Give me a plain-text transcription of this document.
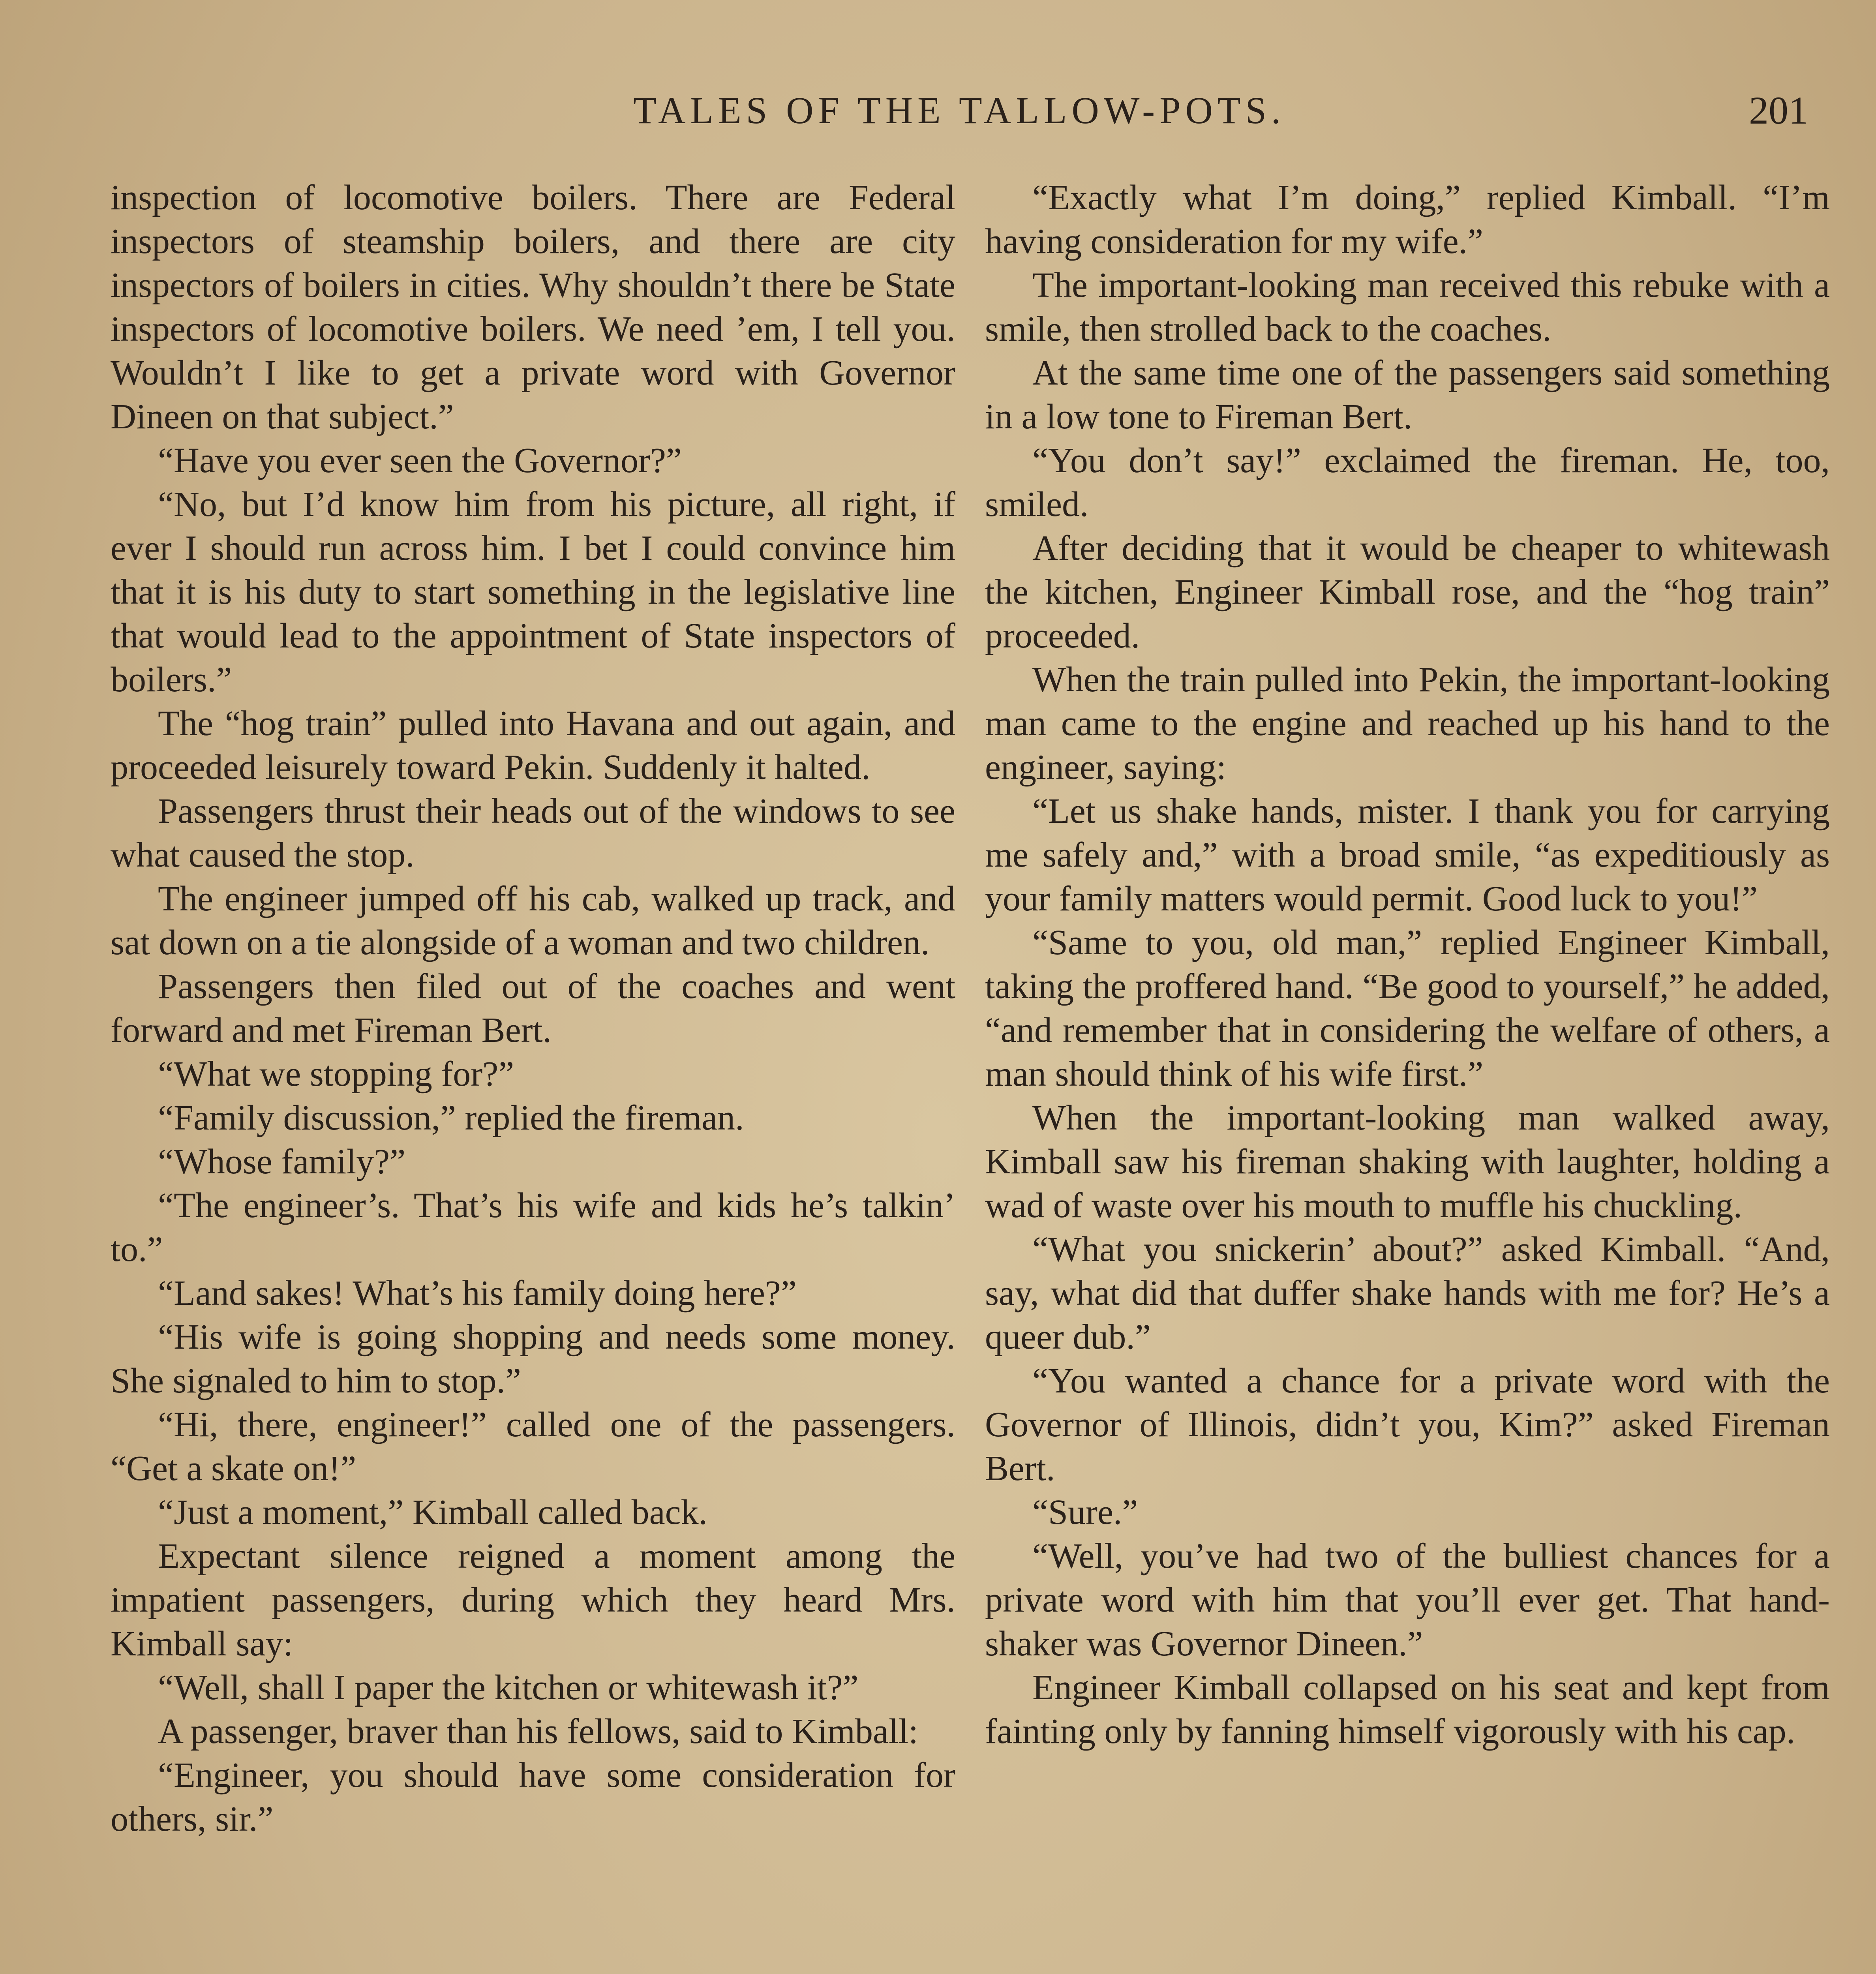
TALES OF THE TALLOW-POTS.	201

inspection of locomotive boilers. There are Federal inspectors of steamship boilers, and there are city inspectors of boilers in cities. Why shouldn’t there be State inspectors of locomotive boilers. We need ’em, I tell you. Wouldn’t I like to get a private word with Governor Dineen on that subject.”

“Have you ever seen the Governor?”

“No, but I’d know him from his picture, all right, if ever I should run across him. I bet I could convince him that it is his duty to start something in the legislative line that would lead to the appointment of State inspectors of boilers.”

The “hog train” pulled into Havana and out again, and proceeded leisurely toward Pekin. Suddenly it halted.

Passengers thrust their heads out of the windows to see what caused the stop.

The engineer jumped off his cab, walked up track, and sat down on a tie alongside of a woman and two children.

Passengers then filed out of the coaches and went forward and met Fireman Bert.

“What we stopping for?”

“Family discussion,” replied the fireman.

“Whose family?”

“The engineer’s. That’s his wife and kids he’s talkin’ to.”

“Land sakes! What’s his family doing here?”

“His wife is going shopping and needs some money. She signaled to him to stop.”

“Hi, there, engineer!” called one of the passengers. “Get a skate on!”

“Just a moment,” Kimball called back.

Expectant silence reigned a moment among the impatient passengers, during which they heard Mrs. Kimball say:

“Well, shall I paper the kitchen or whitewash it?”

A passenger, braver than his fellows, said to Kimball:

“Engineer, you should have some consideration for others, sir.”

“Exactly what I’m doing,” replied Kimball. “I’m having consideration for my wife.”

The important-looking man received this rebuke with a smile, then strolled back to the coaches.

At the same time one of the passengers said something in a low tone to Fireman Bert.

“You don’t say!” exclaimed the fireman. He, too, smiled.

After deciding that it would be cheaper to whitewash the kitchen, Engineer Kimball rose, and the “hog train” proceeded.

When the train pulled into Pekin, the important-looking man came to the engine and reached up his hand to the engineer, saying:

“Let us shake hands, mister. I thank you for carrying me safely and,” with a broad smile, “as expeditiously as your family matters would permit. Good luck to you!”

“Same to you, old man,” replied Engineer Kimball, taking the proffered hand. “Be good to yourself,” he added, “and remember that in considering the welfare of others, a man should think of his wife first.”

When the important-looking man walked away, Kimball saw his fireman shaking with laughter, holding a wad of waste over his mouth to muffle his chuckling.

“What you snickerin’ about?” asked Kimball. “And, say, what did that duffer shake hands with me for? He’s a queer dub.”

“You wanted a chance for a private word with the Governor of Illinois, didn’t you, Kim?” asked Fireman Bert.

“Sure.”

“Well, you’ve had two of the bulliest chances for a private word with him that you’ll ever get. That hand-shaker was Governor Dineen.”

Engineer Kimball collapsed on his seat and kept from fainting only by fanning himself vigorously with his cap.
